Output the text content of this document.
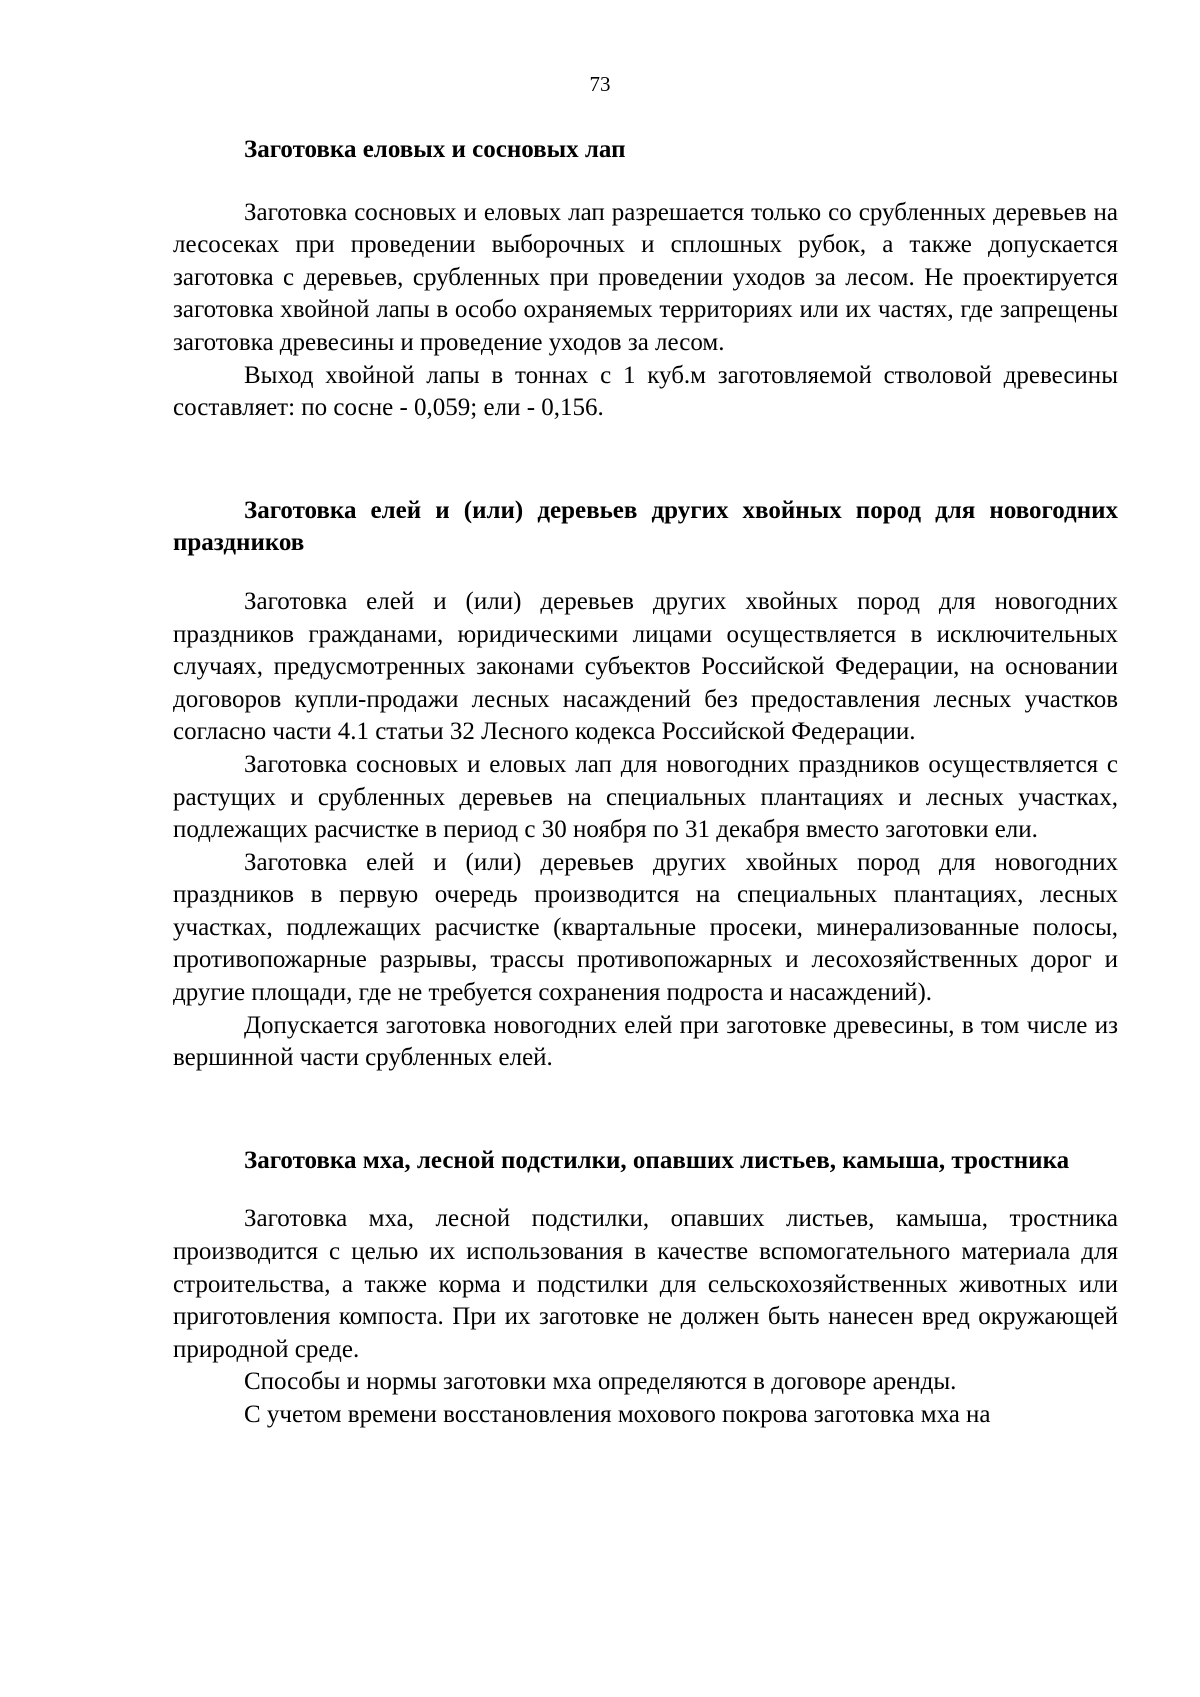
73

Заготовка еловых и сосновых лап

Заготовка сосновых и еловых лап разрешается только со срубленных деревьев на лесосеках при проведении выборочных и сплошных рубок, а также допускается заготовка с деревьев, срубленных при проведении уходов за лесом. Не проектируется заготовка хвойной лапы в особо охраняемых территориях или их частях, где запрещены заготовка древесины и проведение уходов за лесом.

Выход хвойной лапы в тоннах с 1 куб.м заготовляемой стволовой древесины составляет: по сосне - 0,059; ели - 0,156.

Заготовка елей и (или) деревьев других хвойных пород для новогодних праздников

Заготовка елей и (или) деревьев других хвойных пород для новогодних праздников гражданами, юридическими лицами осуществляется в исключительных случаях, предусмотренных законами субъектов Российской Федерации, на основании договоров купли-продажи лесных насаждений без предоставления лесных участков согласно части 4.1 статьи 32 Лесного кодекса Российской Федерации.

Заготовка сосновых и еловых лап для новогодних праздников осуществляется с растущих и срубленных деревьев на специальных плантациях и лесных участках, подлежащих расчистке в период с 30 ноября по 31 декабря вместо заготовки ели.

Заготовка елей и (или) деревьев других хвойных пород для новогодних праздников в первую очередь производится на специальных плантациях, лесных участках, подлежащих расчистке (квартальные просеки, минерализованные полосы, противопожарные разрывы, трассы противопожарных и лесохозяйственных дорог и другие площади, где не требуется сохранения подроста и насаждений).

Допускается заготовка новогодних елей при заготовке древесины, в том числе из вершинной части срубленных елей.

Заготовка мха, лесной подстилки, опавших листьев, камыша, тростника

Заготовка мха, лесной подстилки, опавших листьев, камыша, тростника производится с целью их использования в качестве вспомогательного материала для строительства, а также корма и подстилки для сельскохозяйственных животных или приготовления компоста. При их заготовке не должен быть нанесен вред окружающей природной среде.

Способы и нормы заготовки мха определяются в договоре аренды.

С учетом времени восстановления мохового покрова заготовка мха на
